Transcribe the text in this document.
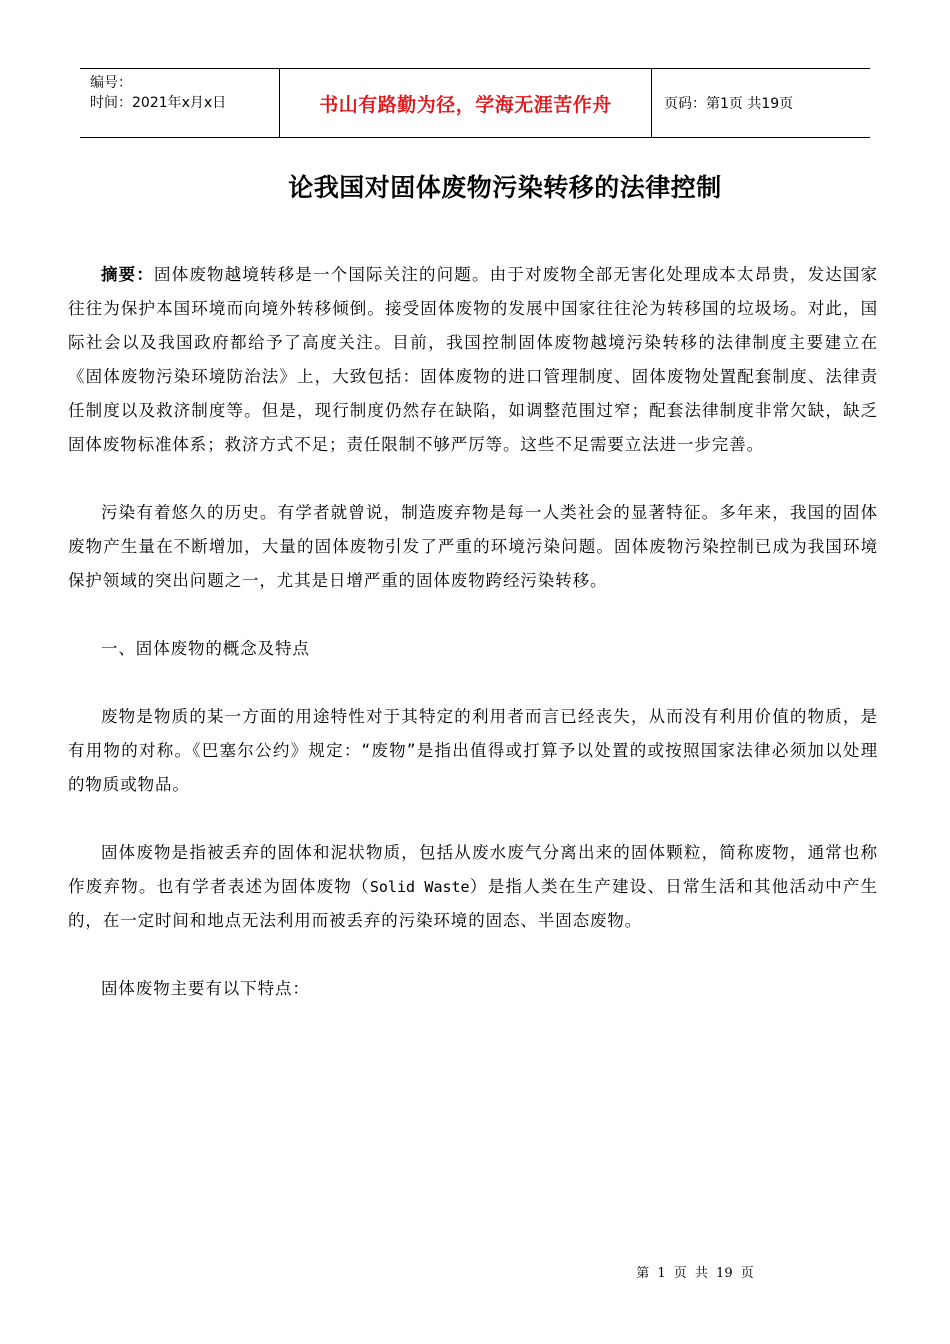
编号：
时间：2021年x月x日	书山有路勤为径，学海无涯苦作舟	页码：第1页 共19页
论我国对固体废物污染转移的法律控制

摘要：固体废物越境转移是一个国际关注的问题。由于对废物全部无害化处理成本太昂贵，发达国家往往为保护本国环境而向境外转移倾倒。接受固体废物的发展中国家往往沦为转移国的垃圾场。对此，国际社会以及我国政府都给予了高度关注。目前，我国控制固体废物越境污染转移的法律制度主要建立在《固体废物污染环境防治法》上，大致包括：固体废物的进口管理制度、固体废物处置配套制度、法律责任制度以及救济制度等。但是，现行制度仍然存在缺陷，如调整范围过窄；配套法律制度非常欠缺，缺乏固体废物标准体系；救济方式不足；责任限制不够严厉等。这些不足需要立法进一步完善。

污染有着悠久的历史。有学者就曾说，制造废弃物是每一人类社会的显著特征。多年来，我国的固体废物产生量在不断增加，大量的固体废物引发了严重的环境污染问题。固体废物污染控制已成为我国环境保护领域的突出问题之一，尤其是日增严重的固体废物跨经污染转移。

一、固体废物的概念及特点

废物是物质的某一方面的用途特性对于其特定的利用者而言已经丧失，从而没有利用价值的物质，是有用物的对称。《巴塞尔公约》规定：“废物”是指出值得或打算予以处置的或按照国家法律必须加以处理的物质或物品。

固体废物是指被丢弃的固体和泥状物质，包括从废水废气分离出来的固体颗粒，简称废物，通常也称作废弃物。也有学者表述为固体废物（Solid Waste）是指人类在生产建设、日常生活和其他活动中产生的，在一定时间和地点无法利用而被丢弃的污染环境的固态、半固态废物。

固体废物主要有以下特点：

第 1 页 共 19 页
